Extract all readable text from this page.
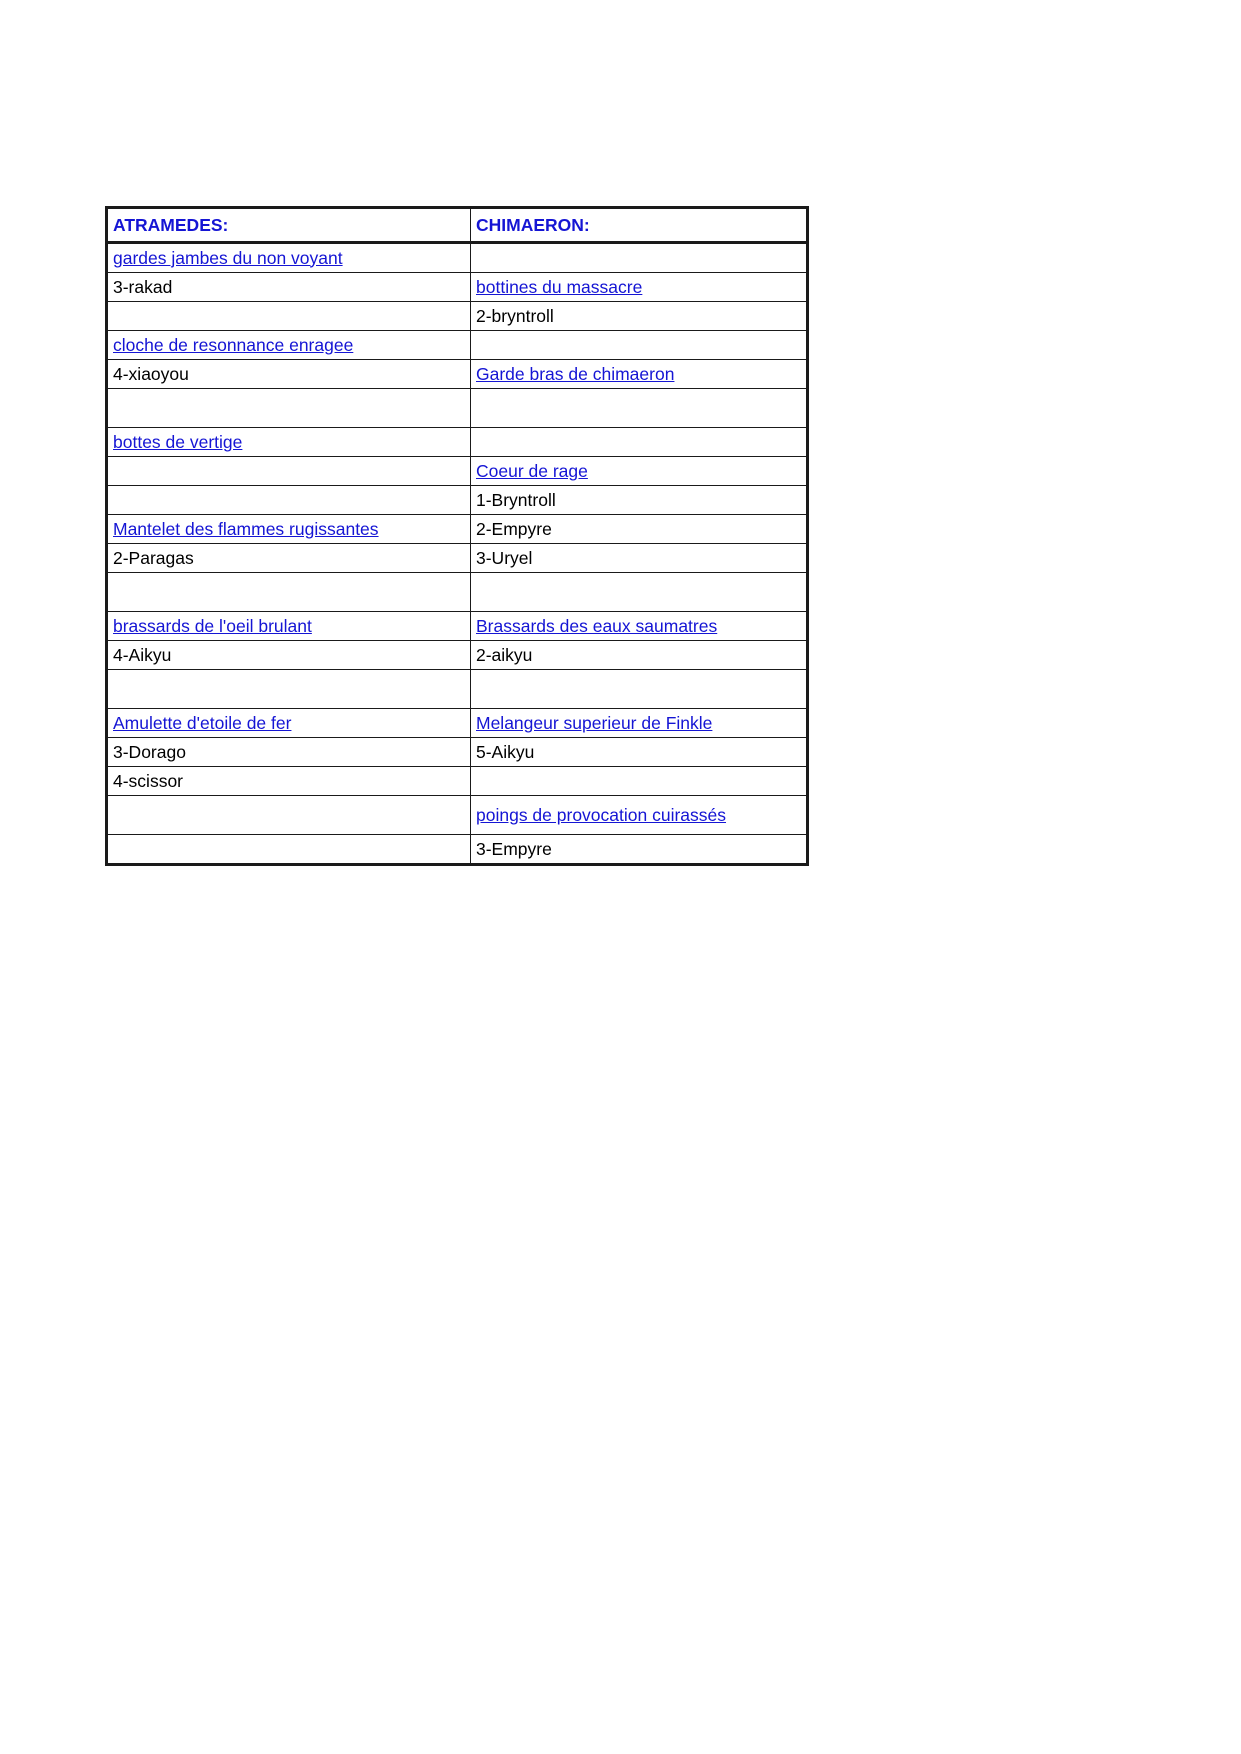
ATRAMEDES:	CHIMAERON:
gardes jambes du non voyant	
3-rakad	bottines du massacre
	2-bryntroll
cloche de resonnance enragee	
4-xiaoyou	Garde bras de chimaeron

bottes de vertige	
	Coeur de rage
	1-Bryntroll
Mantelet des flammes rugissantes	2-Empyre
2-Paragas	3-Uryel

brassards de l'oeil brulant	Brassards des eaux saumatres
4-Aikyu	2-aikyu

Amulette d'etoile de fer	Melangeur superieur de Finkle
3-Dorago	5-Aikyu
4-scissor	
	poings de provocation cuirassés
	3-Empyre
